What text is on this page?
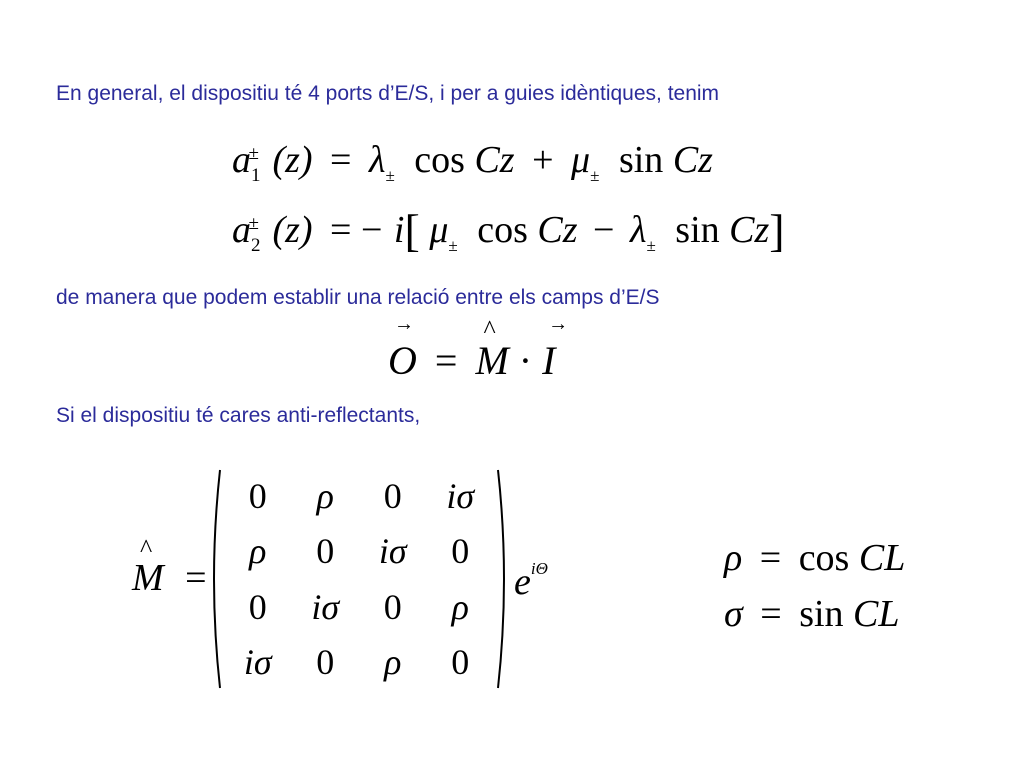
En general, el dispositiu té 4 ports d’E/S, i per a guies idèntiques, tenim
$a_1^\pm$ $(z) = \lambda_\pm$ $\cos Cz + \mu_\pm$ sin Cz
$a_2^\pm$ (z) = − i[ $\mu_\pm$ $\cos Cz - \lambda_\pm$ sin Cz]
de manera que podem establir una relació entre els camps d’E/S
→ O = ^ M · → I
Si el dispositiu té cares anti-reflectants,
^ M =
0	ρ	0	iσ
ρ	0	iσ	0
0	iσ	0	ρ
iσ	0	ρ	0
$e^{i\Theta}$	ρ = cos CL
σ = sin CL
